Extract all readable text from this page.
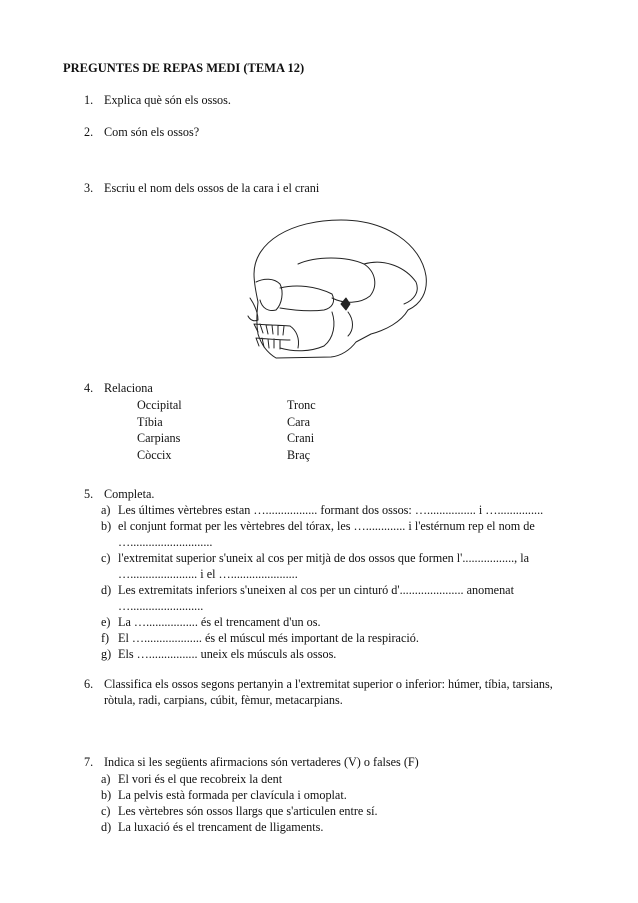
PREGUNTES DE REPAS MEDI (TEMA 12)
1. Explica què són els ossos.
2. Com són els ossos?
3. Escriu el nom dels ossos de la cara i el crani
4. Relaciona
Occipital
Tíbia
Carpians
Còccix
Tronc
Cara
Crani
Braç
5. Completa.
a) Les últimes vèrtebres estan …................. formant dos ossos: …................ i …...............
b) el conjunt format per les vèrtebres del tórax, les …............. i l'estérnum rep el nom de
…...........................
c) l'extremitat superior s'uneix al cos per mitjà de dos ossos que formen l'................., la
…...................... i el …......................
d) Les extremitats inferiors s'uneixen al cos per un cinturó d'..................... anomenat
…........................
e) La …................. és el trencament d'un os.
f) El …................... és el múscul més important de la respiració.
g) Els …................ uneix els músculs als ossos.
6. Classifica els ossos segons pertanyin a l'extremitat superior o inferior: húmer, tíbia, tarsians,
ròtula, radi, carpians, cúbit, fèmur, metacarpians.
7. Indica si les següents afirmacions són vertaderes (V) o falses (F)
a) El vori és el que recobreix la dent
b) La pelvis està formada per clavícula i omoplat.
c) Les vèrtebres són ossos llargs que s'articulen entre sí.
d) La luxació és el trencament de lligaments.
